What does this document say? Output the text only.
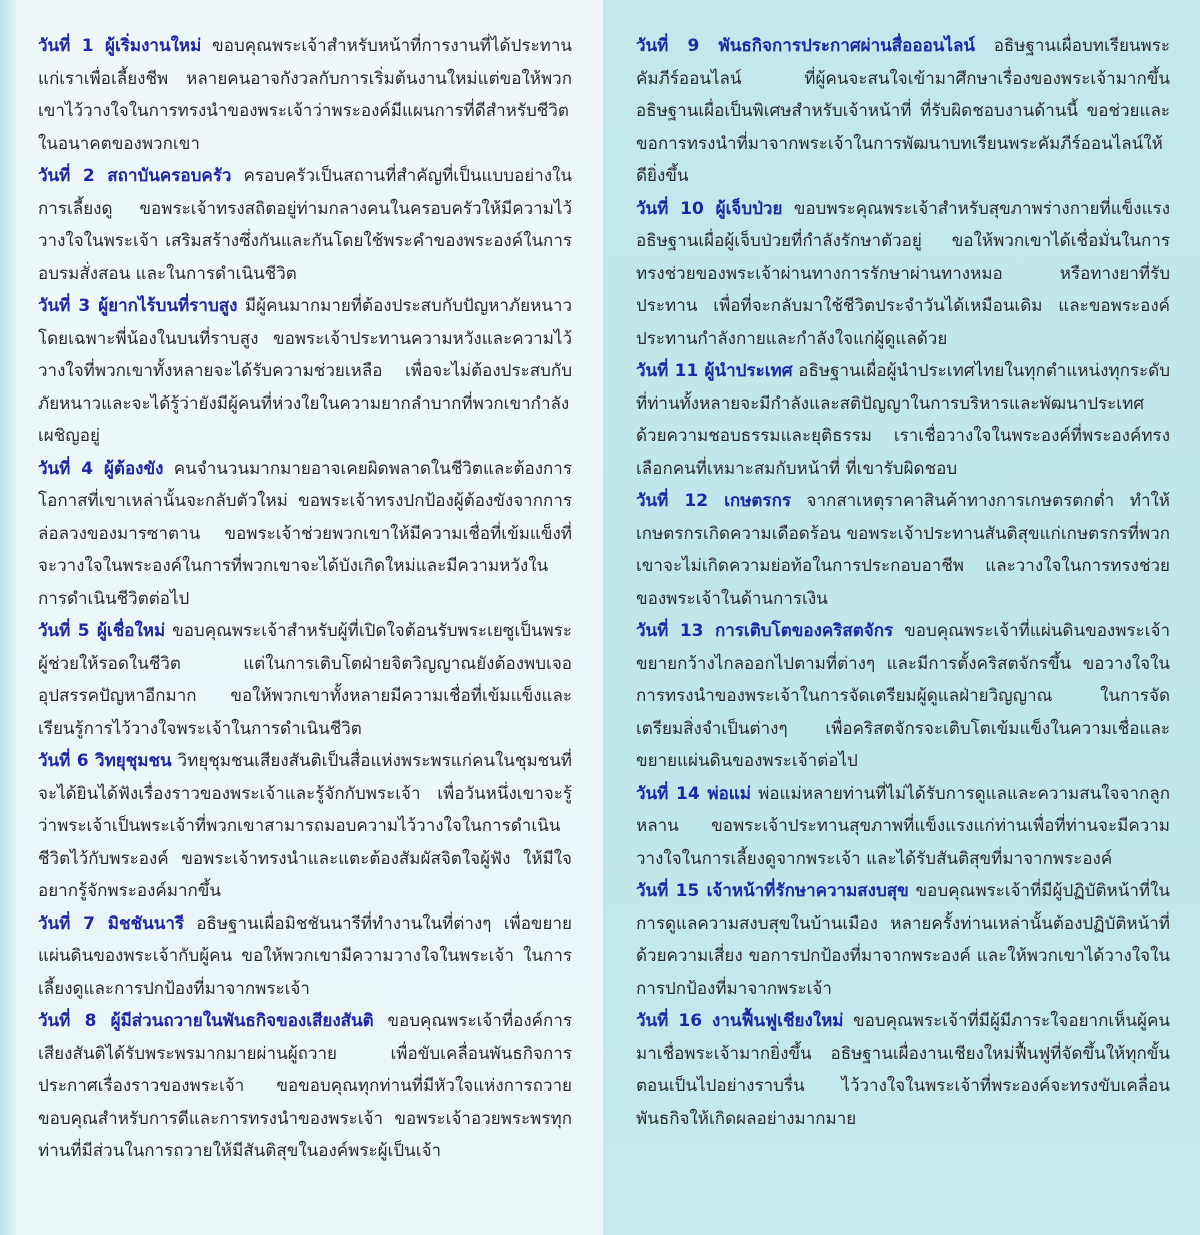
วันที่ 1 ผู้เริ่มงานใหม่ ขอบคุณพระเจ้าสำหรับหน้าที่การงานที่ได้ประทานแก่เราเพื่อเลี้ยงชีพ หลายคนอาจกังวลกับการเริ่มต้นงานใหม่แต่ขอให้พวกเขาไว้วางใจในการทรงนำของพระเจ้าว่าพระองค์มีแผนการที่ดีสำหรับชีวิตในอนาคตของพวกเขา

วันที่ 2 สถาบันครอบครัว ครอบครัวเป็นสถานที่สำคัญที่เป็นแบบอย่างในการเลี้ยงดู ขอพระเจ้าทรงสถิตอยู่ท่ามกลางคนในครอบครัวให้มีความไว้วางใจในพระเจ้า เสริมสร้างซึ่งกันและกันโดยใช้พระคำของพระองค์ในการอบรมสั่งสอน และในการดำเนินชีวิต

วันที่ 3 ผู้ยากไร้บนที่ราบสูง มีผู้คนมากมายที่ต้องประสบกับปัญหาภัยหนาวโดยเฉพาะพี่น้องในบนที่ราบสูง ขอพระเจ้าประทานความหวังและความไว้วางใจที่พวกเขาทั้งหลายจะได้รับความช่วยเหลือ เพื่อจะไม่ต้องประสบกับภัยหนาวและจะได้รู้ว่ายังมีผู้คนที่ห่วงใยในความยากลำบากที่พวกเขากำลังเผชิญอยู่

วันที่ 4 ผู้ต้องขัง คนจำนวนมากมายอาจเคยผิดพลาดในชีวิตและต้องการโอกาสที่เขาเหล่านั้นจะกลับตัวใหม่ ขอพระเจ้าทรงปกป้องผู้ต้องขังจากการล่อลวงของมารซาตาน ขอพระเจ้าช่วยพวกเขาให้มีความเชื่อที่เข้มแข็งที่จะวางใจในพระองค์ในการที่พวกเขาจะได้บังเกิดใหม่และมีความหวังในการดำเนินชีวิตต่อไป

วันที่ 5 ผู้เชื่อใหม่ ขอบคุณพระเจ้าสำหรับผู้ที่เปิดใจต้อนรับพระเยซูเป็นพระผู้ช่วยให้รอดในชีวิต แต่ในการเติบโตฝ่ายจิตวิญญาณยังต้องพบเจออุปสรรคปัญหาอีกมาก ขอให้พวกเขาทั้งหลายมีความเชื่อที่เข้มแข็งและเรียนรู้การไว้วางใจพระเจ้าในการดำเนินชีวิต

วันที่ 6 วิทยุชุมชน วิทยุชุมชนเสียงสันติเป็นสื่อแห่งพระพรแก่คนในชุมชนที่จะได้ยินได้ฟังเรื่องราวของพระเจ้าและรู้จักกับพระเจ้า เพื่อวันหนึ่งเขาจะรู้ว่าพระเจ้าเป็นพระเจ้าที่พวกเขาสามารถมอบความไว้วางใจในการดำเนินชีวิตไว้กับพระองค์ ขอพระเจ้าทรงนำและแตะต้องสัมผัสจิตใจผู้ฟัง ให้มีใจอยากรู้จักพระองค์มากขึ้น

วันที่ 7 มิชชันนารี อธิษฐานเผื่อมิชชันนารีที่ทำงานในที่ต่างๆ เพื่อขยายแผ่นดินของพระเจ้ากับผู้คน ขอให้พวกเขามีความวางใจในพระเจ้า ในการเลี้ยงดูและการปกป้องที่มาจากพระเจ้า

วันที่ 8 ผู้มีส่วนถวายในพันธกิจของเสียงสันติ ขอบคุณพระเจ้าที่องค์การเสียงสันติได้รับพระพรมากมายผ่านผู้ถวาย เพื่อขับเคลื่อนพันธกิจการประกาศเรื่องราวของพระเจ้า ขอขอบคุณทุกท่านที่มีหัวใจแห่งการถวาย ขอบคุณสำหรับการดีและการทรงนำของพระเจ้า ขอพระเจ้าอวยพระพรทุกท่านที่มีส่วนในการถวายให้มีสันติสุขในองค์พระผู้เป็นเจ้า

วันที่ 9 พันธกิจการประกาศผ่านสื่อออนไลน์ อธิษฐานเผื่อบทเรียนพระคัมภีร์ออนไลน์ ที่ผู้คนจะสนใจเข้ามาศึกษาเรื่องของพระเจ้ามากขึ้น อธิษฐานเผื่อเป็นพิเศษสำหรับเจ้าหน้าที่ ที่รับผิดชอบงานด้านนี้ ขอช่วยและขอการทรงนำที่มาจากพระเจ้าในการพัฒนาบทเรียนพระคัมภีร์ออนไลน์ให้ดียิ่งขึ้น

วันที่ 10 ผู้เจ็บป่วย ขอบพระคุณพระเจ้าสำหรับสุขภาพร่างกายที่แข็งแรง อธิษฐานเผื่อผู้เจ็บป่วยที่กำลังรักษาตัวอยู่ ขอให้พวกเขาได้เชื่อมั่นในการทรงช่วยของพระเจ้าผ่านทางการรักษาผ่านทางหมอ หรือทางยาที่รับประทาน เพื่อที่จะกลับมาใช้ชีวิตประจำวันได้เหมือนเดิม และขอพระองค์ประทานกำลังกายและกำลังใจแก่ผู้ดูแลด้วย

วันที่ 11 ผู้นำประเทศ อธิษฐานเผื่อผู้นำประเทศไทยในทุกตำแหน่งทุกระดับ ที่ท่านทั้งหลายจะมีกำลังและสติปัญญาในการบริหารและพัฒนาประเทศด้วยความชอบธรรมและยุติธรรม เราเชื่อวางใจในพระองค์ที่พระองค์ทรงเลือกคนที่เหมาะสมกับหน้าที่ ที่เขารับผิดชอบ

วันที่ 12 เกษตรกร จากสาเหตุราคาสินค้าทางการเกษตรตกต่ำ ทำให้เกษตรกรเกิดความเดือดร้อน ขอพระเจ้าประทานสันติสุขแก่เกษตรกรที่พวกเขาจะไม่เกิดความย่อท้อในการประกอบอาชีพ และวางใจในการทรงช่วยของพระเจ้าในด้านการเงิน

วันที่ 13 การเติบโตของคริสตจักร ขอบคุณพระเจ้าที่แผ่นดินของพระเจ้าขยายกว้างไกลออกไปตามที่ต่างๆ และมีการตั้งคริสตจักรขึ้น ขอวางใจในการทรงนำของพระเจ้าในการจัดเตรียมผู้ดูแลฝ่ายวิญญาณ ในการจัดเตรียมสิ่งจำเป็นต่างๆ เพื่อคริสตจักรจะเติบโตเข้มแข็งในความเชื่อและขยายแผ่นดินของพระเจ้าต่อไป

วันที่ 14 พ่อแม่ พ่อแม่หลายท่านที่ไม่ได้รับการดูแลและความสนใจจากลูกหลาน ขอพระเจ้าประทานสุขภาพที่แข็งแรงแก่ท่านเพื่อที่ท่านจะมีความวางใจในการเลี้ยงดูจากพระเจ้า และได้รับสันติสุขที่มาจากพระองค์

วันที่ 15 เจ้าหน้าที่รักษาความสงบสุข ขอบคุณพระเจ้าที่มีผู้ปฏิบัติหน้าที่ในการดูแลความสงบสุขในบ้านเมือง หลายครั้งท่านเหล่านั้นต้องปฏิบัติหน้าที่ด้วยความเสี่ยง ขอการปกป้องที่มาจากพระองค์ และให้พวกเขาได้วางใจในการปกป้องที่มาจากพระเจ้า

วันที่ 16 งานฟื้นฟูเชียงใหม่ ขอบคุณพระเจ้าที่มีผู้มีภาระใจอยากเห็นผู้คนมาเชื่อพระเจ้ามากยิ่งขึ้น อธิษฐานเผื่องานเชียงใหม่ฟื้นฟูที่จัดขึ้นให้ทุกขั้นตอนเป็นไปอย่างราบรื่น ไว้วางใจในพระเจ้าที่พระองค์จะทรงขับเคลื่อนพันธกิจให้เกิดผลอย่างมากมาย
